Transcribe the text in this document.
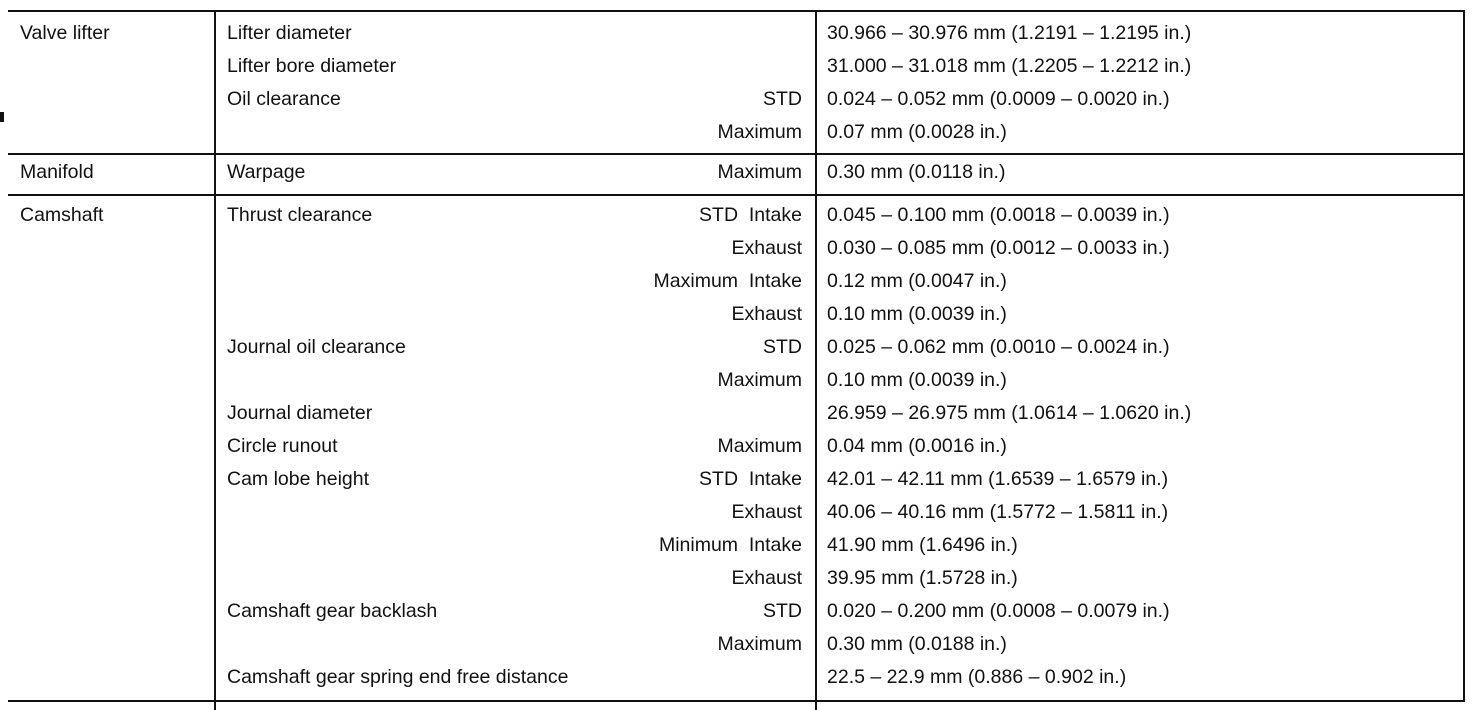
Valve lifter	Lifter diameter	30.966 – 30.976 mm (1.2191 – 1.2195 in.)
Lifter bore diameter	31.000 – 31.018 mm (1.2205 – 1.2212 in.)
Oil clearance	STD 0.024 – 0.052 mm (0.0009 – 0.0020 in.)
Maximum 0.07 mm (0.0028 in.)
Manifold	Warpage	Maximum 0.30 mm (0.0118 in.)
Camshaft	Thrust clearance	STD  Intake 0.045 – 0.100 mm (0.0018 – 0.0039 in.)
Exhaust 0.030 – 0.085 mm (0.0012 – 0.0033 in.)
Maximum  Intake 0.12 mm (0.0047 in.)
Exhaust 0.10 mm (0.0039 in.)
Journal oil clearance	STD 0.025 – 0.062 mm (0.0010 – 0.0024 in.)
Maximum 0.10 mm (0.0039 in.)
Journal diameter	26.959 – 26.975 mm (1.0614 – 1.0620 in.)
Circle runout	Maximum 0.04 mm (0.0016 in.)
Cam lobe height	STD  Intake 42.01 – 42.11 mm (1.6539 – 1.6579 in.)
Exhaust 40.06 – 40.16 mm (1.5772 – 1.5811 in.)
Minimum  Intake 41.90 mm (1.6496 in.)
Exhaust 39.95 mm (1.5728 in.)
Camshaft gear backlash	STD 0.020 – 0.200 mm (0.0008 – 0.0079 in.)
Maximum 0.30 mm (0.0188 in.)
Camshaft gear spring end free distance	22.5 – 22.9 mm (0.886 – 0.902 in.)
